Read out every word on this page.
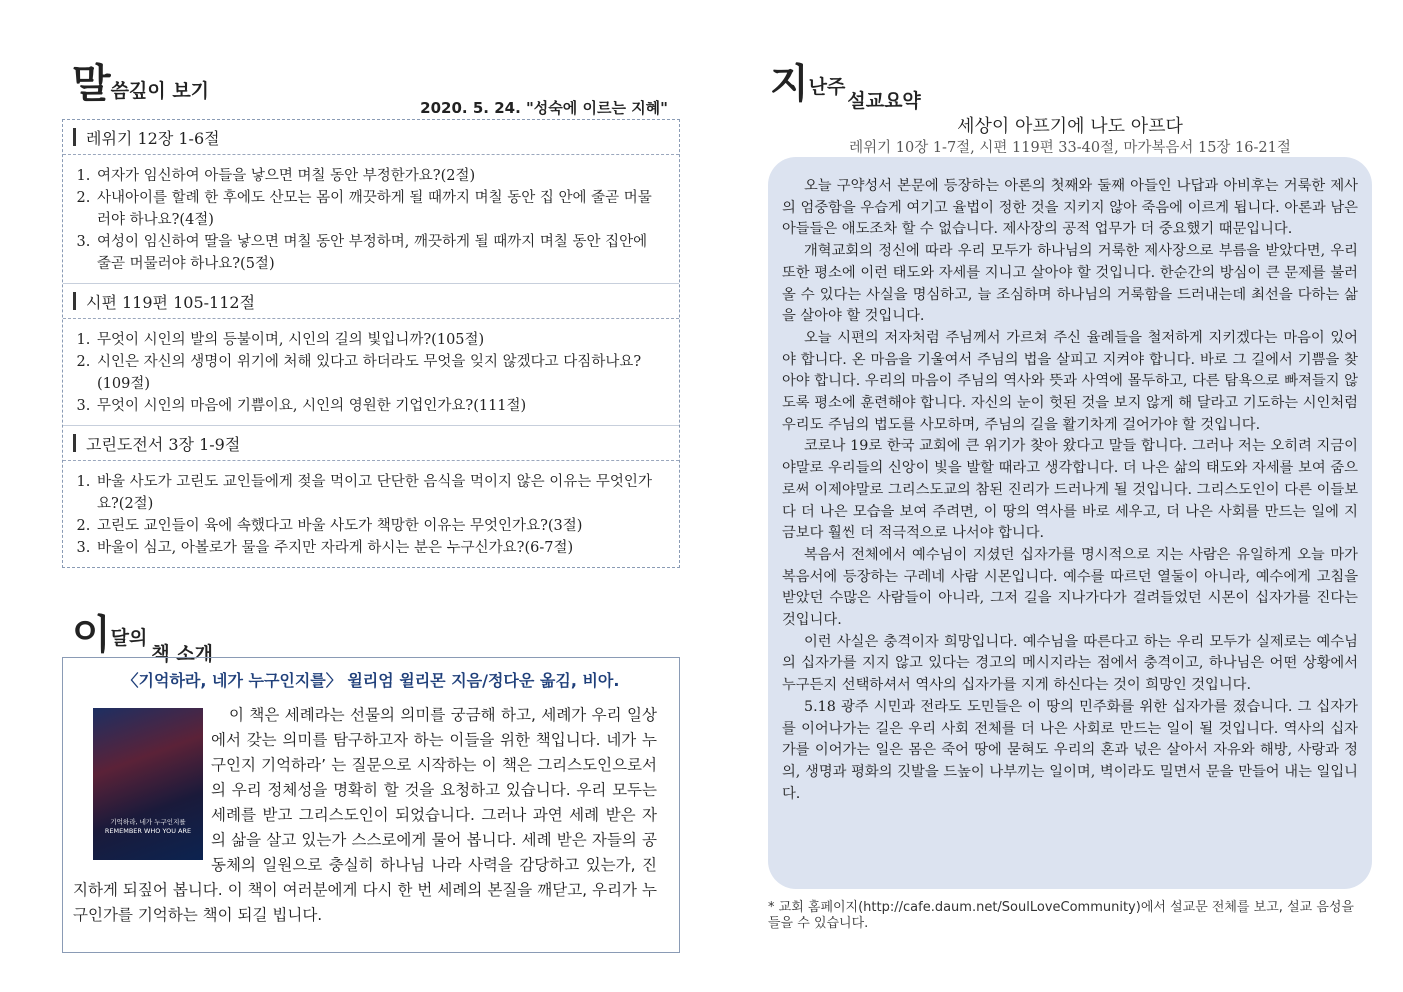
말씀깊이 보기
2020. 5. 24. "성숙에 이르는 지혜"
레위기 12장 1-6절
1. 여자가 임신하여 아들을 낳으면 며칠 동안 부정한가요?(2절)
2. 사내아이를 할례 한 후에도 산모는 몸이 깨끗하게 될 때까지 며칠 동안 집 안에 줄곧 머물러야 하나요?(4절)
3. 여성이 임신하여 딸을 낳으면 며칠 동안 부정하며, 깨끗하게 될 때까지 며칠 동안 집안에 줄곧 머물러야 하나요?(5절)
시편 119편 105-112절
1. 무엇이 시인의 발의 등불이며, 시인의 길의 빛입니까?(105절)
2. 시인은 자신의 생명이 위기에 처해 있다고 하더라도 무엇을 잊지 않겠다고 다짐하나요?(109절)
3. 무엇이 시인의 마음에 기쁨이요, 시인의 영원한 기업인가요?(111절)
고린도전서 3장 1-9절
1. 바울 사도가 고린도 교인들에게 젖을 먹이고 단단한 음식을 먹이지 않은 이유는 무엇인가요?(2절)
2. 고린도 교인들이 육에 속했다고 바울 사도가 책망한 이유는 무엇인가요?(3절)
3. 바울이 심고, 아볼로가 물을 주지만 자라게 하시는 분은 누구신가요?(6-7절)
이달의책 소개
〈기억하라, 네가 누구인지를〉 윌리엄 윌리몬 지음/정다운 옮김, 비아.
기억하라, 네가 누구인지를 REMEMBER WHO YOU ARE
이 책은 세례라는 선물의 의미를 궁금해 하고, 세례가 우리 일상에서 갖는 의미를 탐구하고자 하는 이들을 위한 책입니다. 네가 누구인지 기억하라’ 는 질문으로 시작하는 이 책은 그리스도인으로서의 우리 정체성을 명확히 할 것을 요청하고 있습니다. 우리 모두는 세례를 받고 그리스도인이 되었습니다. 그러나 과연 세례 받은 자의 삶을 살고 있는가 스스로에게 물어 봅니다. 세례 받은 자들의 공동체의 일원으로 충실히 하나님 나라 사력을 감당하고 있는가, 진지하게 되짚어 봅니다. 이 책이 여러분에게 다시 한 번 세례의 본질을 깨닫고, 우리가 누구인가를 기억하는 책이 되길 빕니다.
지난주설교요약
세상이 아프기에 나도 아프다
레위기 10장 1-7절, 시편 119편 33-40절, 마가복음서 15장 16-21절

오늘 구약성서 본문에 등장하는 아론의 첫째와 둘째 아들인 나답과 아비후는 거룩한 제사의 엄중함을 우습게 여기고 율법이 정한 것을 지키지 않아 죽음에 이르게 됩니다. 아론과 남은 아들들은 애도조차 할 수 없습니다. 제사장의 공적 업무가 더 중요했기 때문입니다.

개혁교회의 정신에 따라 우리 모두가 하나님의 거룩한 제사장으로 부름을 받았다면, 우리 또한 평소에 이런 태도와 자세를 지니고 살아야 할 것입니다. 한순간의 방심이 큰 문제를 불러 올 수 있다는 사실을 명심하고, 늘 조심하며 하나님의 거룩함을 드러내는데 최선을 다하는 삶을 살아야 할 것입니다.

오늘 시편의 저자처럼 주님께서 가르쳐 주신 율례들을 철저하게 지키겠다는 마음이 있어야 합니다. 온 마음을 기울여서 주님의 법을 살피고 지켜야 합니다. 바로 그 길에서 기쁨을 찾아야 합니다. 우리의 마음이 주님의 역사와 뜻과 사역에 몰두하고, 다른 탐욕으로 빠져들지 않도록 평소에 훈련해야 합니다. 자신의 눈이 헛된 것을 보지 않게 해 달라고 기도하는 시인처럼 우리도 주님의 법도를 사모하며, 주님의 길을 활기차게 걸어가야 할 것입니다.

코로나 19로 한국 교회에 큰 위기가 찾아 왔다고 말들 합니다. 그러나 저는 오히려 지금이야말로 우리들의 신앙이 빛을 발할 때라고 생각합니다. 더 나은 삶의 태도와 자세를 보여 줌으로써 이제야말로 그리스도교의 참된 진리가 드러나게 될 것입니다. 그리스도인이 다른 이들보다 더 나은 모습을 보여 주려면, 이 땅의 역사를 바로 세우고, 더 나은 사회를 만드는 일에 지금보다 훨씬 더 적극적으로 나서야 합니다.

복음서 전체에서 예수님이 지셨던 십자가를 명시적으로 지는 사람은 유일하게 오늘 마가복음서에 등장하는 구레네 사람 시몬입니다. 예수를 따르던 열둘이 아니라, 예수에게 고침을 받았던 수많은 사람들이 아니라, 그저 길을 지나가다가 걸려들었던 시몬이 십자가를 진다는 것입니다.

이런 사실은 충격이자 희망입니다. 예수님을 따른다고 하는 우리 모두가 실제로는 예수님의 십자가를 지지 않고 있다는 경고의 메시지라는 점에서 충격이고, 하나님은 어떤 상황에서 누구든지 선택하셔서 역사의 십자가를 지게 하신다는 것이 희망인 것입니다.

5.18 광주 시민과 전라도 도민들은 이 땅의 민주화를 위한 십자가를 졌습니다. 그 십자가를 이어나가는 길은 우리 사회 전체를 더 나은 사회로 만드는 일이 될 것입니다. 역사의 십자가를 이어가는 일은 몸은 죽어 땅에 묻혀도 우리의 혼과 넋은 살아서 자유와 해방, 사랑과 정의, 생명과 평화의 깃발을 드높이 나부끼는 일이며, 벽이라도 밀면서 문을 만들어 내는 일입니다.

* 교회 홈페이지(http://cafe.daum.net/SoulLoveCommunity)에서 설교문 전체를 보고, 설교 음성을 들을 수 있습니다.
